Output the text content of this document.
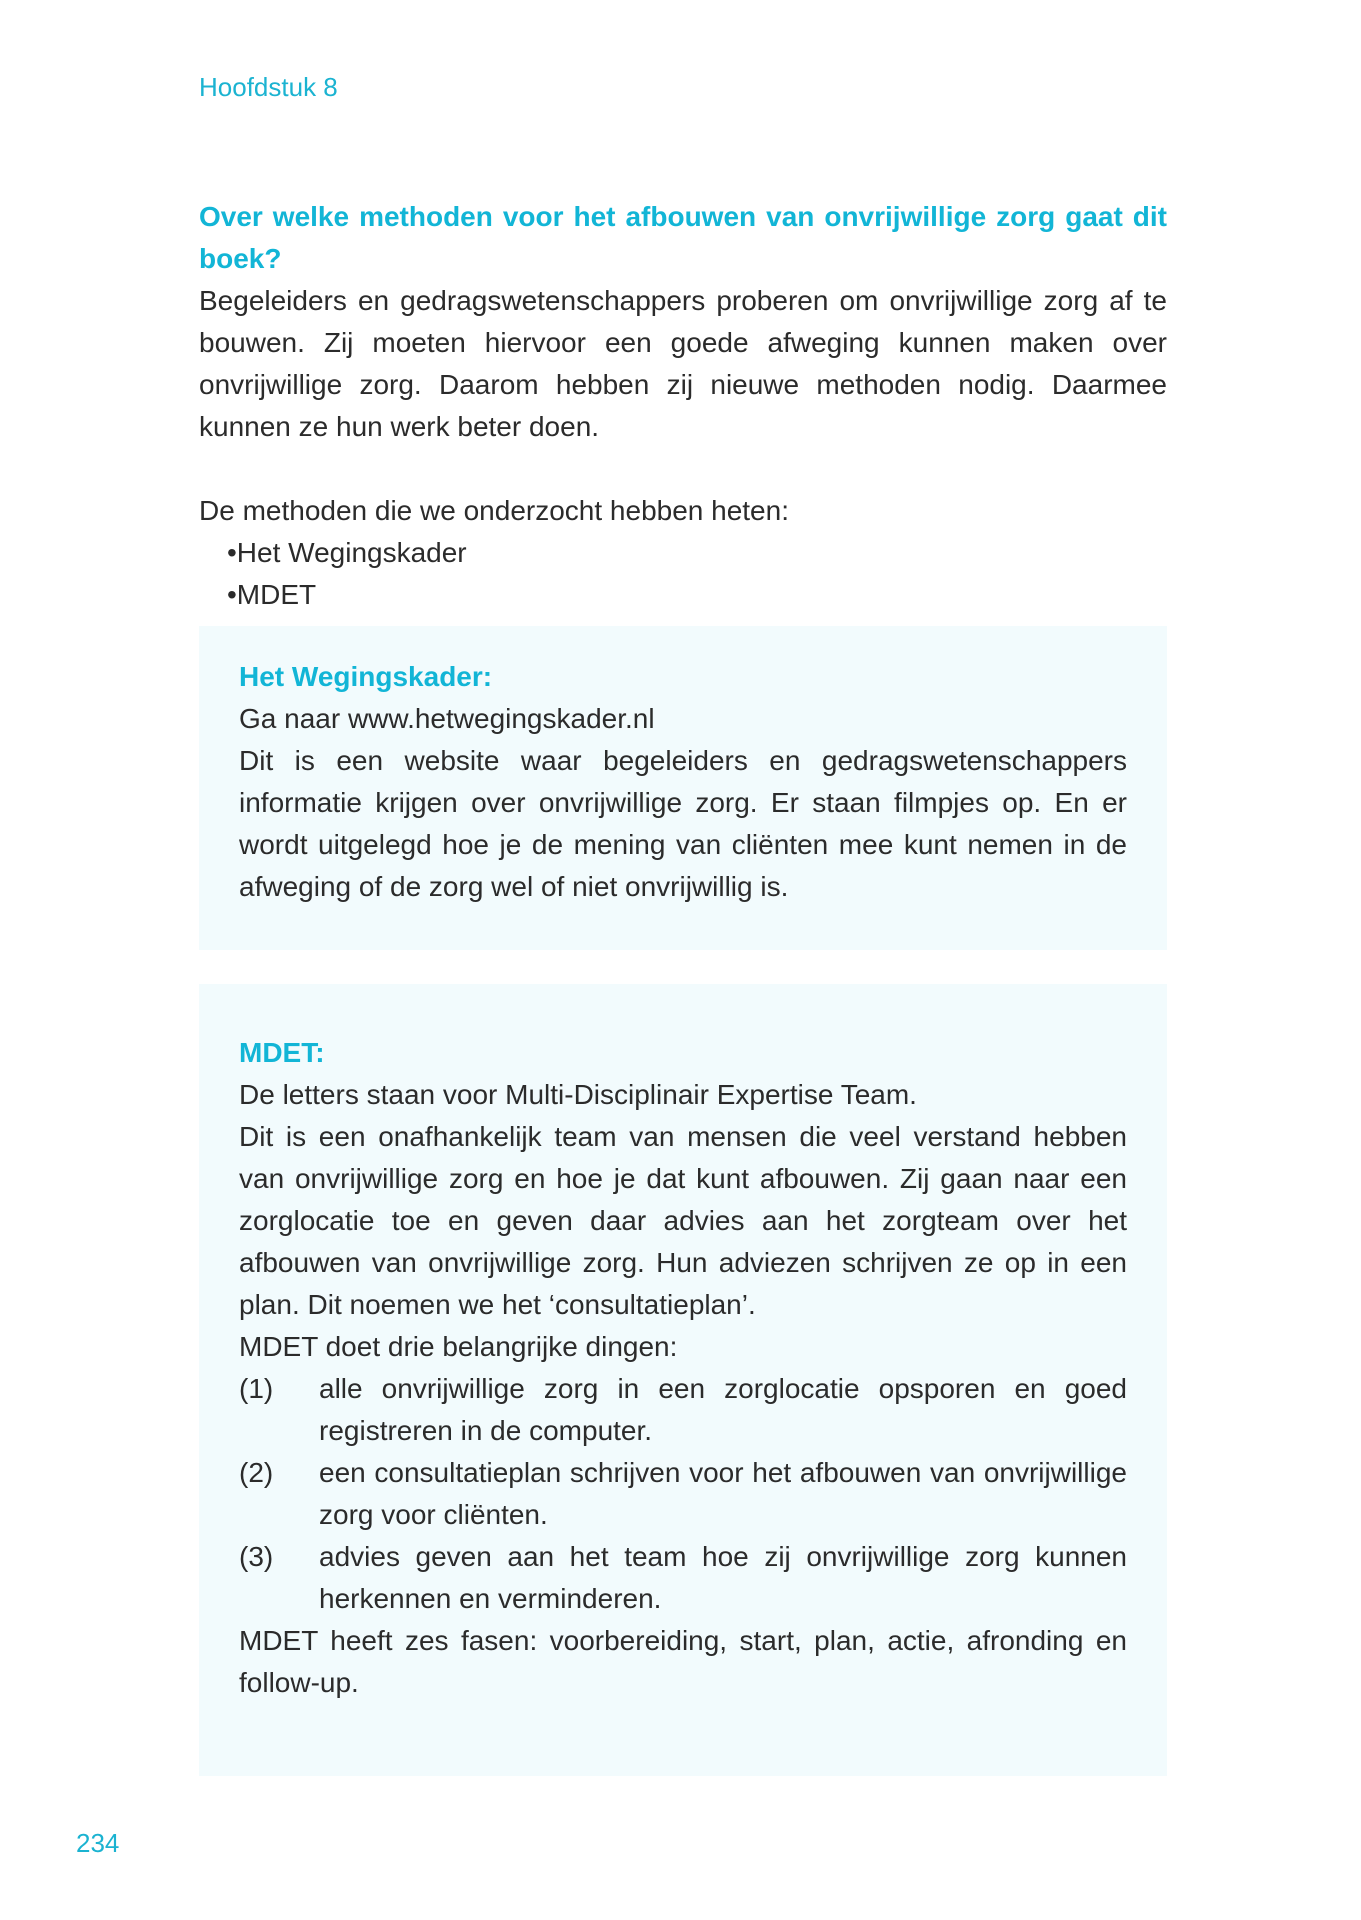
Hoofdstuk 8

Over welke methoden voor het afbouwen van onvrijwillige zorg gaat dit boek?

Begeleiders en gedragswetenschappers proberen om onvrijwillige zorg af te bouwen. Zij moeten hiervoor een goede afweging kunnen maken over onvrijwillige zorg. Daarom hebben zij nieuwe methoden nodig. Daarmee kunnen ze hun werk beter doen.

De methoden die we onderzocht hebben heten:

•Het Wegingskader
•MDET

Het Wegingskader:

Ga naar www.hetwegingskader.nl

Dit is een website waar begeleiders en gedragswetenschappers informatie krijgen over onvrijwillige zorg. Er staan filmpjes op. En er wordt uitgelegd hoe je de mening van cliënten mee kunt nemen in de afweging of de zorg wel of niet onvrijwillig is.

MDET:

De letters staan voor Multi-Disciplinair Expertise Team.

Dit is een onafhankelijk team van mensen die veel verstand hebben van onvrijwillige zorg en hoe je dat kunt afbouwen. Zij gaan naar een zorglocatie toe en geven daar advies aan het zorgteam over het afbouwen van onvrijwillige zorg. Hun adviezen schrijven ze op in een plan. Dit noemen we het ‘consultatieplan’.

MDET doet drie belangrijke dingen:

(1)	alle onvrijwillige zorg in een zorglocatie opsporen en goed registreren in de computer.
(2)	een consultatieplan schrijven voor het afbouwen van onvrijwillige zorg voor cliënten.
(3)	advies geven aan het team hoe zij onvrijwillige zorg kunnen herkennen en verminderen.

MDET heeft zes fasen: voorbereiding, start, plan, actie, afronding en follow-up.

234
